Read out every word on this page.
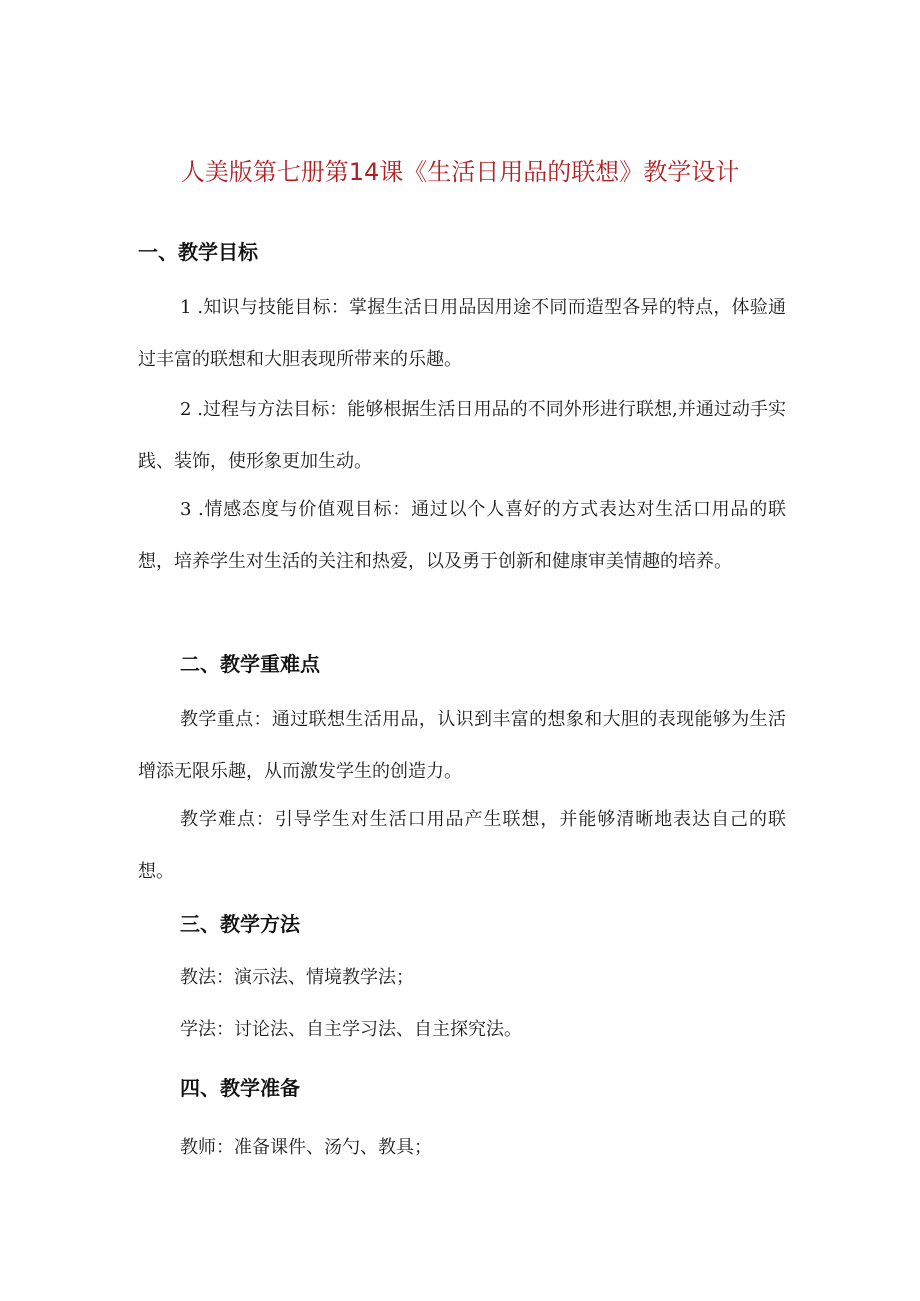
人美版第七册第14课《生活日用品的联想》教学设计
一、教学目标
1 .知识与技能目标：掌握生活日用品因用途不同而造型各异的特点，体验通过丰富的联想和大胆表现所带来的乐趣。
2 .过程与方法目标：能够根据生活日用品的不同外形进行联想,并通过动手实践、装饰，使形象更加生动。
3 .情感态度与价值观目标：通过以个人喜好的方式表达对生活口用品的联想，培养学生对生活的关注和热爱，以及勇于创新和健康审美情趣的培养。
二、教学重难点
教学重点：通过联想生活用品，认识到丰富的想象和大胆的表现能够为生活增添无限乐趣，从而激发学生的创造力。
教学难点：引导学生对生活口用品产生联想，并能够清晰地表达自己的联想。
三、教学方法
教法：演示法、情境教学法；
学法：讨论法、自主学习法、自主探究法。
四、教学准备
教师：准备课件、汤勺、教具；
